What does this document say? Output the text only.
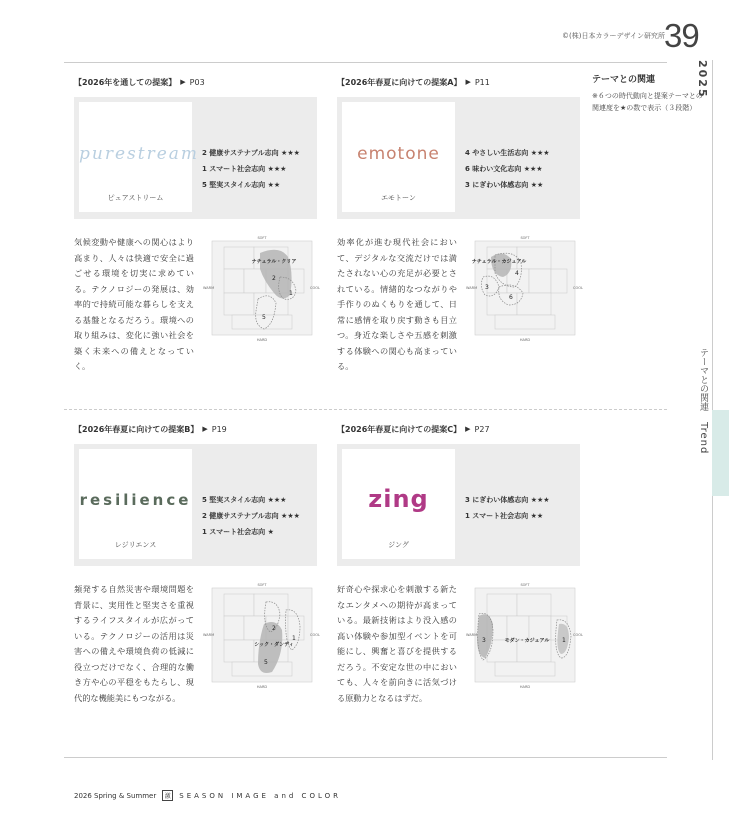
©(株)日本カラーデザイン研究所 39
2025
テーマとの関連 Trend
テーマとの関連
※６つの時代動向と提案テーマとの関連度を★の数で表示（３段階）
【2026年を通しての提案】 ▶ P03
purestream
ピュアストリーム
2 健康サステナブル志向 ★★★
1 スマート社会志向 ★★★
5 堅実スタイル志向 ★★
気候変動や健康への関心はより高まり、人々は快適で安全に過ごせる環境を切実に求めている。テクノロジーの発展は、効率的で持続可能な暮らしを支える基盤となるだろう。環境への取り組みは、変化に強い社会を築く未来への備えとなっていく。
SOFT
HARD
WARM	COOL
ナチュラル・クリア
2
1
5
【2026年春夏に向けての提案A】 ▶ P11
emotone
エモトーン
4 やさしい生活志向 ★★★
6 味わい文化志向 ★★★
3 にぎわい体感志向 ★★
効率化が進む現代社会において、デジタルな交流だけでは満たされない心の充足が必要とされている。情緒的なつながりや手作りのぬくもりを通して、日常に感情を取り戻す動きも目立つ。身近な楽しさや五感を刺激する体験への関心も高まっている。
SOFT
HARD
WARM	COOL
ナチュラル・カジュアル
4
3
6
【2026年春夏に向けての提案B】 ▶ P19
resilience
レジリエンス
5 堅実スタイル志向 ★★★
2 健康サステナブル志向 ★★★
1 スマート社会志向 ★
頻発する自然災害や環境問題を背景に、実用性と堅実さを重視するライフスタイルが広がっている。テクノロジーの活用は災害への備えや環境負荷の低減に役立つだけでなく、合理的な働き方や心の平穏をもたらし、現代的な機能美にもつながる。
SOFT
HARD
WARM	COOL
シック・ダンディ
2
1
5
【2026年春夏に向けての提案C】 ▶ P27
zing
ジング
3 にぎわい体感志向 ★★★
1 スマート社会志向 ★★
好奇心や探求心を刺激する新たなエンタメへの期待が高まっている。最新技術はより没入感の高い体験や参加型イベントを可能にし、興奮と喜びを提供するだろう。不安定な世の中においても、人々を前向きに活気づける原動力となるはずだ。
SOFT
HARD
WARM	COOL
モダン・カジュアル
3	1
2026 Spring & Summer	激	SEASON IMAGE and COLOR
